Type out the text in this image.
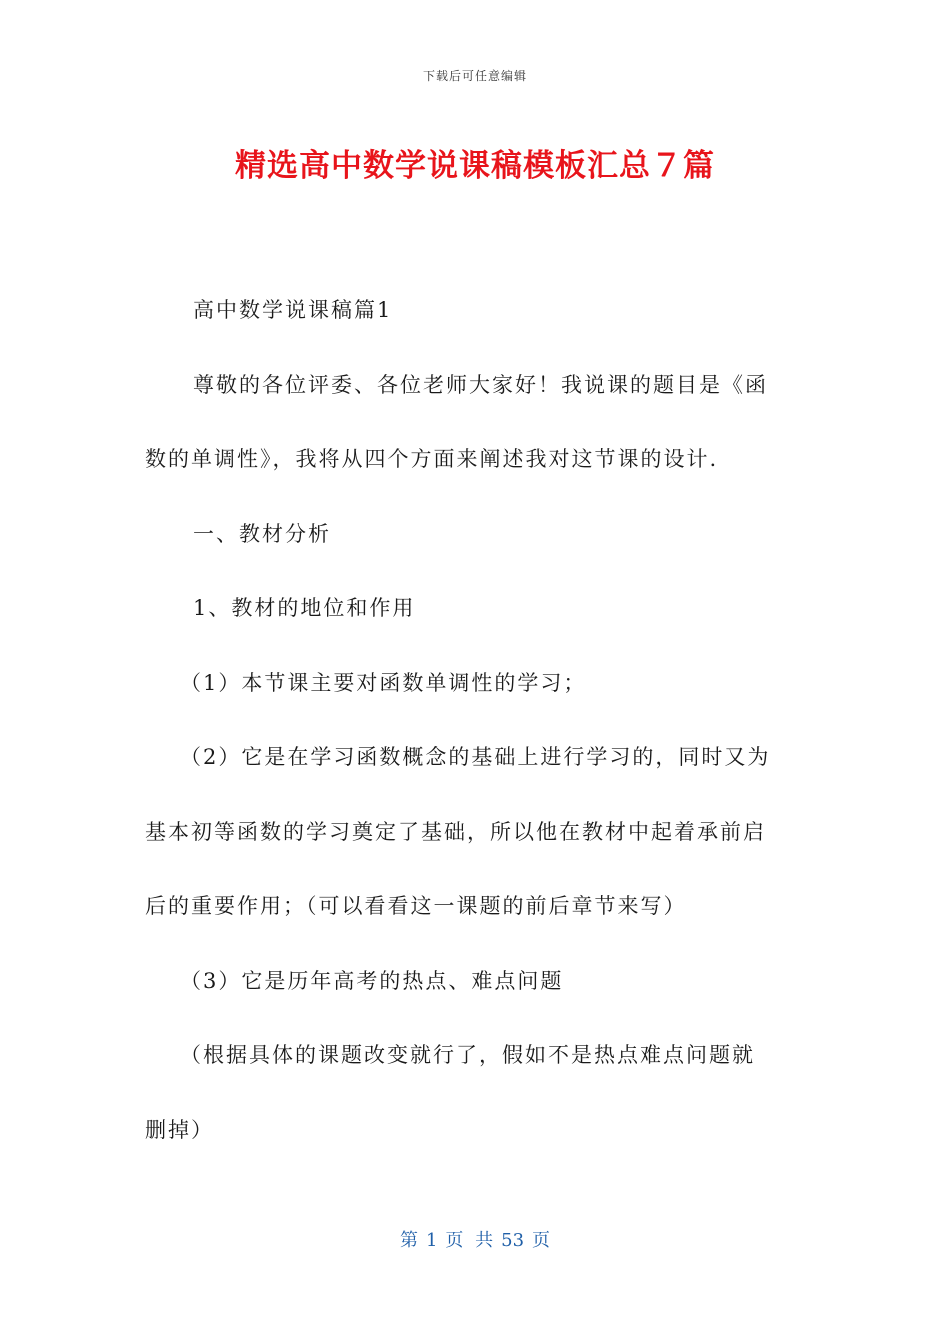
下载后可任意编辑
精选高中数学说课稿模板汇总７篇

高中数学说课稿篇1

尊敬的各位评委、各位老师大家好！我说课的题目是《函

数的单调性》，我将从四个方面来阐述我对这节课的设计.

一、教材分析

1、教材的地位和作用

（1）本节课主要对函数单调性的学习；

（2）它是在学习函数概念的基础上进行学习的，同时又为

基本初等函数的学习奠定了基础，所以他在教材中起着承前启

后的重要作用；（可以看看这一课题的前后章节来写）

（3）它是历年高考的热点、难点问题

（根据具体的课题改变就行了，假如不是热点难点问题就

删掉）

第 1 页 共 53 页
